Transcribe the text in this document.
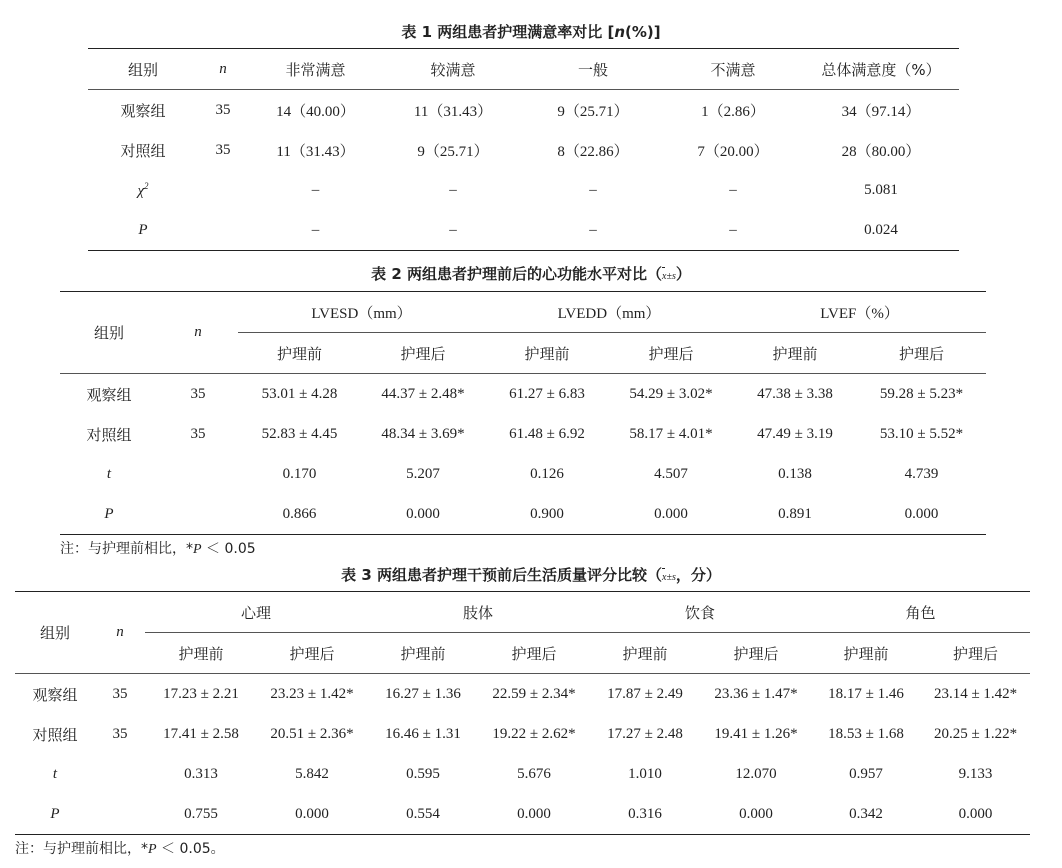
表 1 两组患者护理满意率对比 [n(%)]
组别	n	非常满意	较满意	一般	不满意	总体满意度（%）
观察组	35	14（40.00）	11（31.43）	9（25.71）	1（2.86）	34（97.14）
对照组	35	11（31.43）	9（25.71）	8（22.86）	7（20.00）	28（80.00）
$\chi^2$		–	–	–	–	5.081
P		–	–	–	–	0.024
表 2 两组患者护理前后的心功能水平对比（x±s）
组别	n	LVESD（mm）		LVEDD（mm）		LVEF（%）	
		护理前	护理后	护理前	护理后	护理前	护理后
观察组	35	53.01 ± 4.28	44.37 ± 2.48*	61.27 ± 6.83	54.29 ± 3.02*	47.38 ± 3.38	59.28 ± 5.23*
对照组	35	52.83 ± 4.45	48.34 ± 3.69*	61.48 ± 6.92	58.17 ± 4.01*	47.49 ± 3.19	53.10 ± 5.52*
t		0.170	5.207	0.126	4.507	0.138	4.739
P		0.866	0.000	0.900	0.000	0.891	0.000
注：与护理前相比，*P ＜ 0.05
表 3 两组患者护理干预前后生活质量评分比较（x±s，分）
组别	n	心理		肢体		饮食		角色	
		护理前	护理后	护理前	护理后	护理前	护理后	护理前	护理后
观察组	35	17.23 ± 2.21	23.23 ± 1.42*	16.27 ± 1.36	22.59 ± 2.34*	17.87 ± 2.49	23.36 ± 1.47*	18.17 ± 1.46	23.14 ± 1.42*
对照组	35	17.41 ± 2.58	20.51 ± 2.36*	16.46 ± 1.31	19.22 ± 2.62*	17.27 ± 2.48	19.41 ± 1.26*	18.53 ± 1.68	20.25 ± 1.22*
t		0.313	5.842	0.595	5.676	1.010	12.070	0.957	9.133
P		0.755	0.000	0.554	0.000	0.316	0.000	0.342	0.000
注：与护理前相比，*P ＜ 0.05。
